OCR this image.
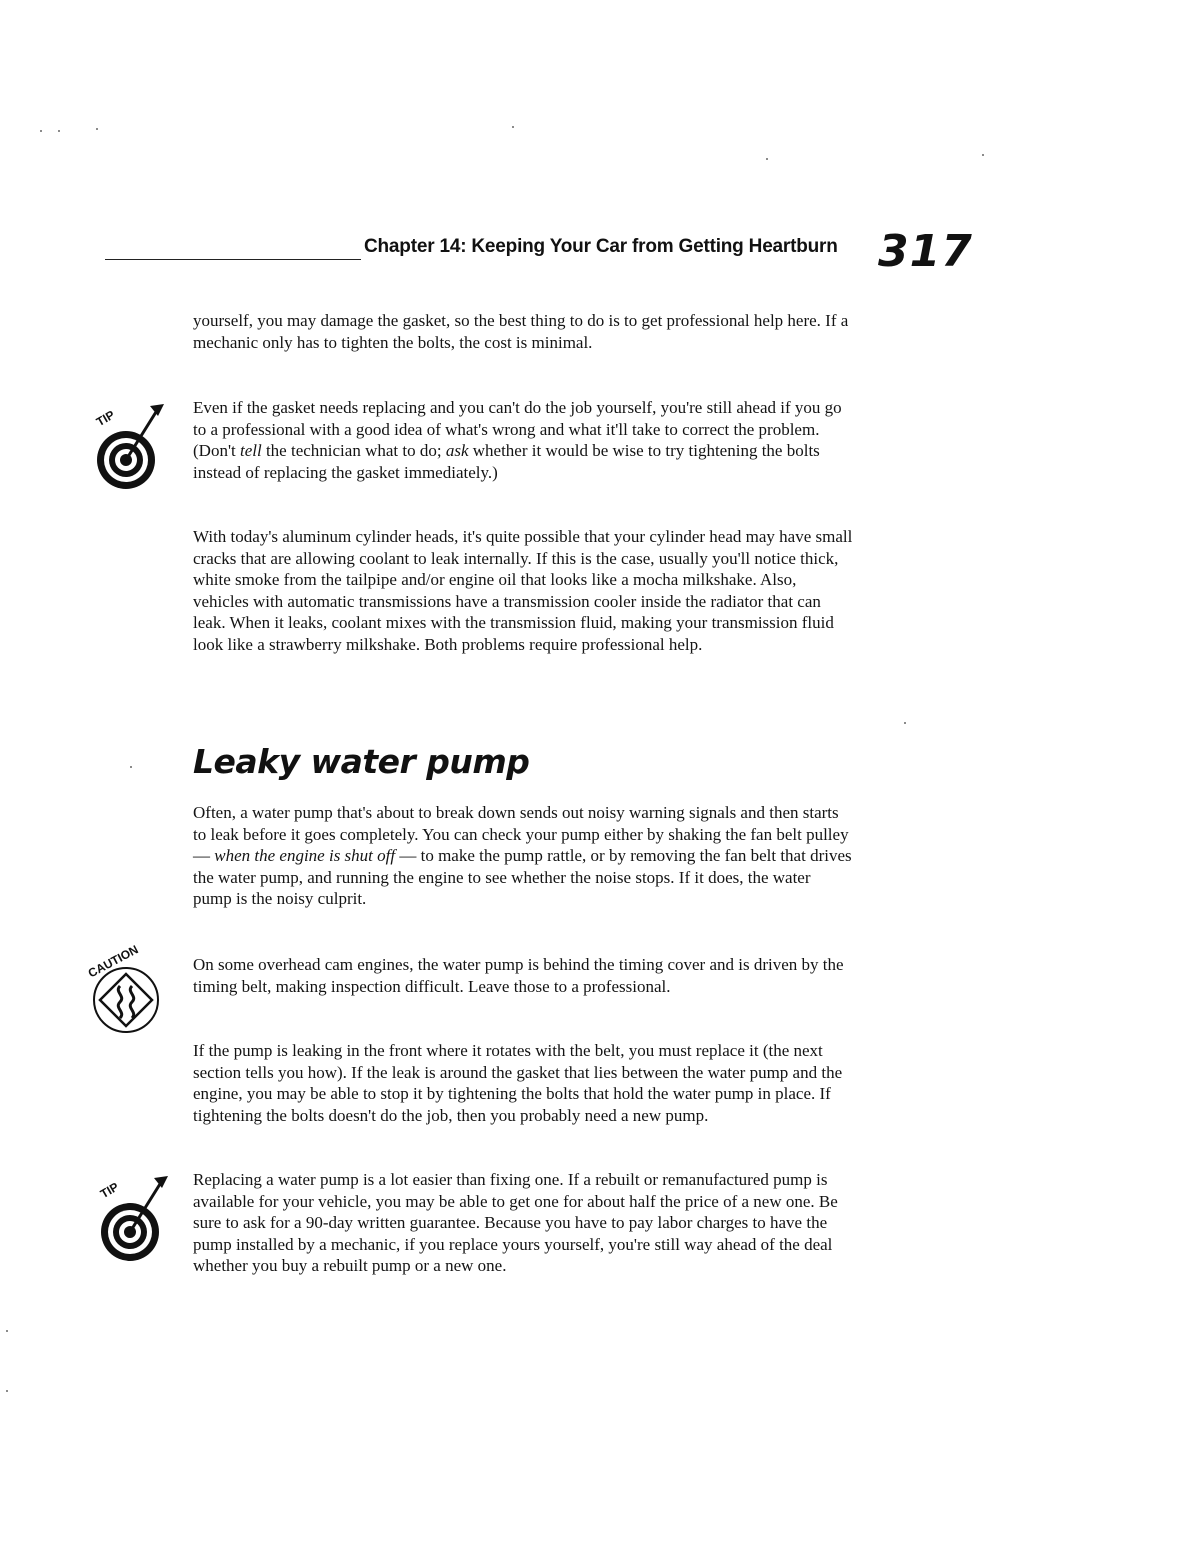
Chapter 14: Keeping Your Car from Getting Heartburn 317

yourself, you may damage the gasket, so the best thing to do is to get professional help here. If a mechanic only has to tighten the bolts, the cost is minimal.

TIP

Even if the gasket needs replacing and you can't do the job yourself, you're still ahead if you go to a professional with a good idea of what's wrong and what it'll take to correct the problem. (Don't tell the technician what to do; ask whether it would be wise to try tightening the bolts instead of replacing the gasket immediately.)

With today's aluminum cylinder heads, it's quite possible that your cylinder head may have small cracks that are allowing coolant to leak internally. If this is the case, usually you'll notice thick, white smoke from the tailpipe and/or engine oil that looks like a mocha milkshake. Also, vehicles with automatic transmissions have a transmission cooler inside the radiator that can leak. When it leaks, coolant mixes with the transmission fluid, making your transmission fluid look like a strawberry milkshake. Both problems require professional help.

Leaky water pump

Often, a water pump that's about to break down sends out noisy warning signals and then starts to leak before it goes completely. You can check your pump either by shaking the fan belt pulley — when the engine is shut off — to make the pump rattle, or by removing the fan belt that drives the water pump, and running the engine to see whether the noise stops. If it does, the water pump is the noisy culprit.

CAUTION	On some overhead cam engines, the water pump is behind the timing cover and is driven by the timing belt, making inspection difficult. Leave those to a professional.

If the pump is leaking in the front where it rotates with the belt, you must replace it (the next section tells you how). If the leak is around the gasket that lies between the water pump and the engine, you may be able to stop it by tightening the bolts that hold the water pump in place. If tightening the bolts doesn't do the job, then you probably need a new pump.

TIP

Replacing a water pump is a lot easier than fixing one. If a rebuilt or remanufactured pump is available for your vehicle, you may be able to get one for about half the price of a new one. Be sure to ask for a 90-day written guarantee. Because you have to pay labor charges to have the pump installed by a mechanic, if you replace yours yourself, you're still way ahead of the deal whether you buy a rebuilt pump or a new one.
